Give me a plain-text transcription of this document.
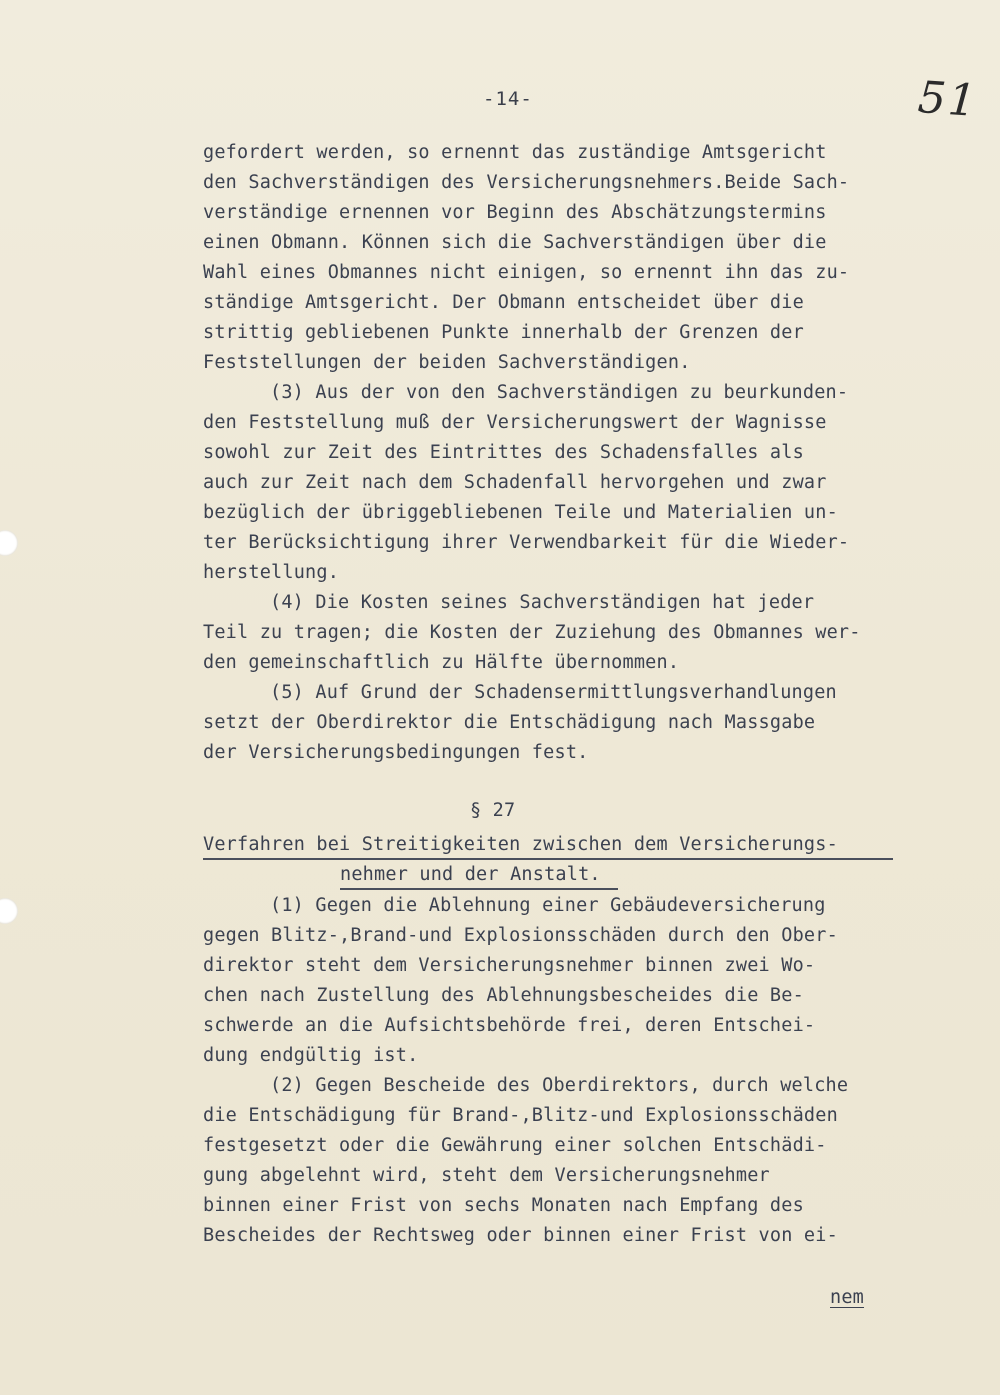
51
-14-
gefordert werden, so ernennt das zuständige Amtsgericht
den Sachverständigen des Versicherungsnehmers.Beide Sach-
verständige ernennen vor Beginn des Abschätzungstermins
einen Obmann. Können sich die Sachverständigen über die
Wahl eines Obmannes nicht einigen, so ernennt ihn das zu-
ständige Amtsgericht. Der Obmann entscheidet über die
strittig gebliebenen Punkte innerhalb der Grenzen der
Feststellungen der beiden Sachverständigen.
(3) Aus der von den Sachverständigen zu beurkunden-
den Feststellung muß der Versicherungswert der Wagnisse
sowohl zur Zeit des Eintrittes des Schadensfalles als
auch zur Zeit nach dem Schadenfall hervorgehen und zwar
bezüglich der übriggebliebenen Teile und Materialien un-
ter Berücksichtigung ihrer Verwendbarkeit für die Wieder-
herstellung.
(4) Die Kosten seines Sachverständigen hat jeder
Teil zu tragen; die Kosten der Zuziehung des Obmannes wer-
den gemeinschaftlich zu Hälfte übernommen.
(5) Auf Grund der Schadensermittlungsverhandlungen
setzt der Oberdirektor die Entschädigung nach Massgabe
der Versicherungsbedingungen fest.
§ 27
Verfahren bei Streitigkeiten zwischen dem Versicherungs-
nehmer und der Anstalt.
(1) Gegen die Ablehnung einer Gebäudeversicherung
gegen Blitz-,Brand-und Explosionsschäden durch den Ober-
direktor steht dem Versicherungsnehmer binnen zwei Wo-
chen nach Zustellung des Ablehnungsbescheides die Be-
schwerde an die Aufsichtsbehörde frei, deren Entschei-
dung endgültig ist.
(2) Gegen Bescheide des Oberdirektors, durch welche
die Entschädigung für Brand-,Blitz-und Explosionsschäden
festgesetzt oder die Gewährung einer solchen Entschädi-
gung abgelehnt wird, steht dem Versicherungsnehmer
binnen einer Frist von sechs Monaten nach Empfang des
Bescheides der Rechtsweg oder binnen einer Frist von ei-
nem
